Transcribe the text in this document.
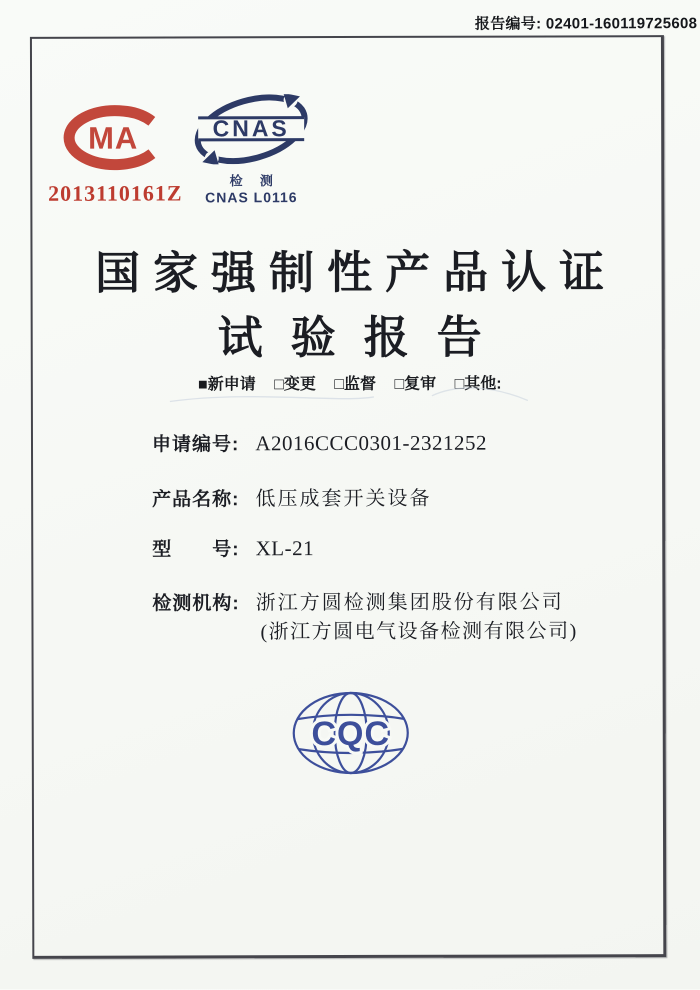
报告编号: 02401-160119725608
MA
2013110161Z
CNAS
检 测
CNAS L0116
国家强制性产品认证
试验报告
■新申请 □变更 □监督 □复审 □其他:
申请编号: A2016CCC0301-2321252
产品名称: 低压成套开关设备
型　　号: XL-21
检测机构: 浙江方圆检测集团股份有限公司
(浙江方圆电气设备检测有限公司)
CQC
